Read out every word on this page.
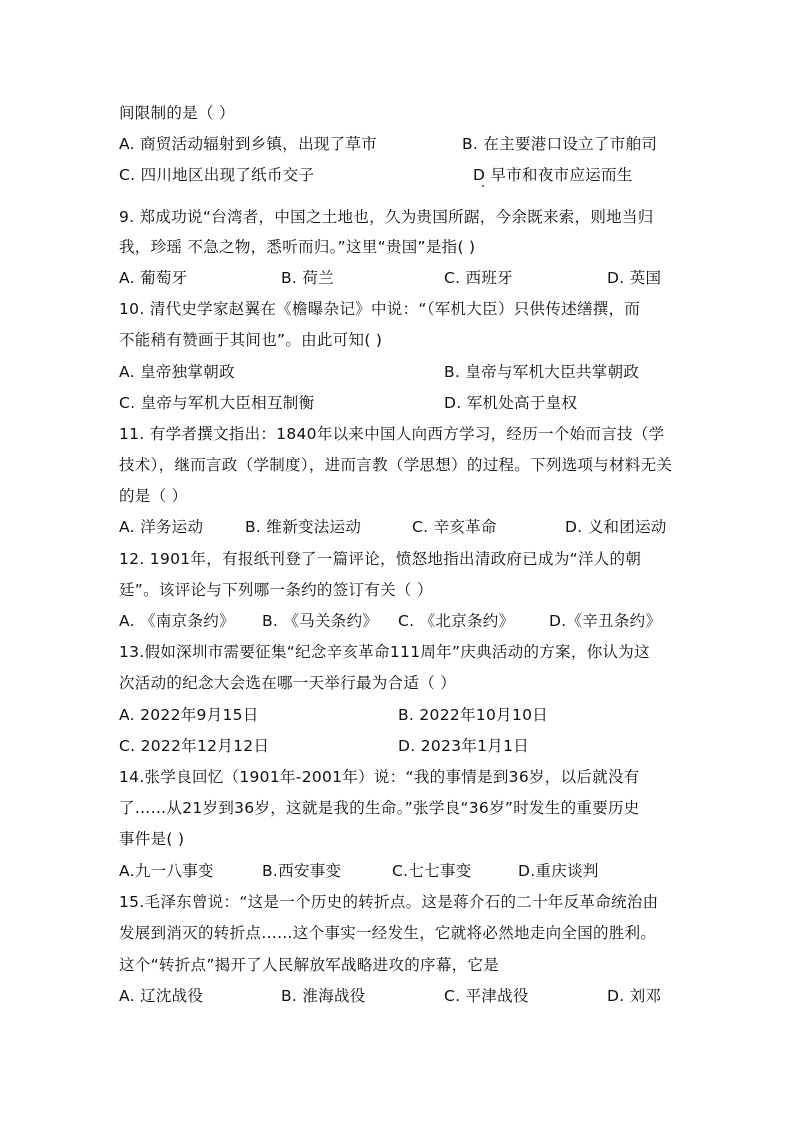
间限制的是（ ）
A. 商贸活动辐射到乡镇，出现了草市	B. 在主要港口设立了市舶司
C. 四川地区出现了纸币交子	D 早市和夜市应运而生
9. 郑成功说“台湾者，中国之土地也，久为贵国所踞，今余既来索，则地当归
我，珍瑶 不急之物，悉听而归。”这里“贵国”是指( )
A. 葡萄牙	B. 荷兰	C. 西班牙	D. 英国
10. 清代史学家赵翼在《檐曝杂记》中说：“（军机大臣）只供传述缮撰，而
不能稍有赞画于其间也”。由此可知( )
A. 皇帝独掌朝政	B. 皇帝与军机大臣共掌朝政
C. 皇帝与军机大臣相互制衡	D. 军机处高于皇权
11. 有学者撰文指出：1840年以来中国人向西方学习，经历一个始而言技（学
技术），继而言政（学制度），进而言教（学思想）的过程。下列选项与材料无关
的是（ ）
A. 洋务运动	B. 维新变法运动	C. 辛亥革命	D. 义和团运动
12. 1901年，有报纸刊登了一篇评论，愤怒地指出清政府已成为“洋人的朝
廷”。该评论与下列哪一条约的签订有关（ ）
A. 《南京条约》 B. 《马关条约》 C. 《北京条约》 D.《辛丑条约》
13.假如深圳市需要征集“纪念辛亥革命111周年”庆典活动的方案，你认为这
次活动的纪念大会选在哪一天举行最为合适（ ）
A. 2022年9月15日	B. 2022年10月10日
C. 2022年12月12日	D. 2023年1月1日
14.张学良回忆（1901年-2001年）说：“我的事情是到36岁，以后就没有
了……从21岁到36岁，这就是我的生命。”张学良“36岁”时发生的重要历史
事件是( )
A.九一八事变	B.西安事变	C.七七事变	D.重庆谈判
15.毛泽东曾说：“这是一个历史的转折点。这是蒋介石的二十年反革命统治由
发展到消灭的转折点……这个事实一经发生，它就将必然地走向全国的胜利。
这个“转折点”揭开了人民解放军战略进攻的序幕，它是
A. 辽沈战役	B. 淮海战役	C. 平津战役	D. 刘邓
